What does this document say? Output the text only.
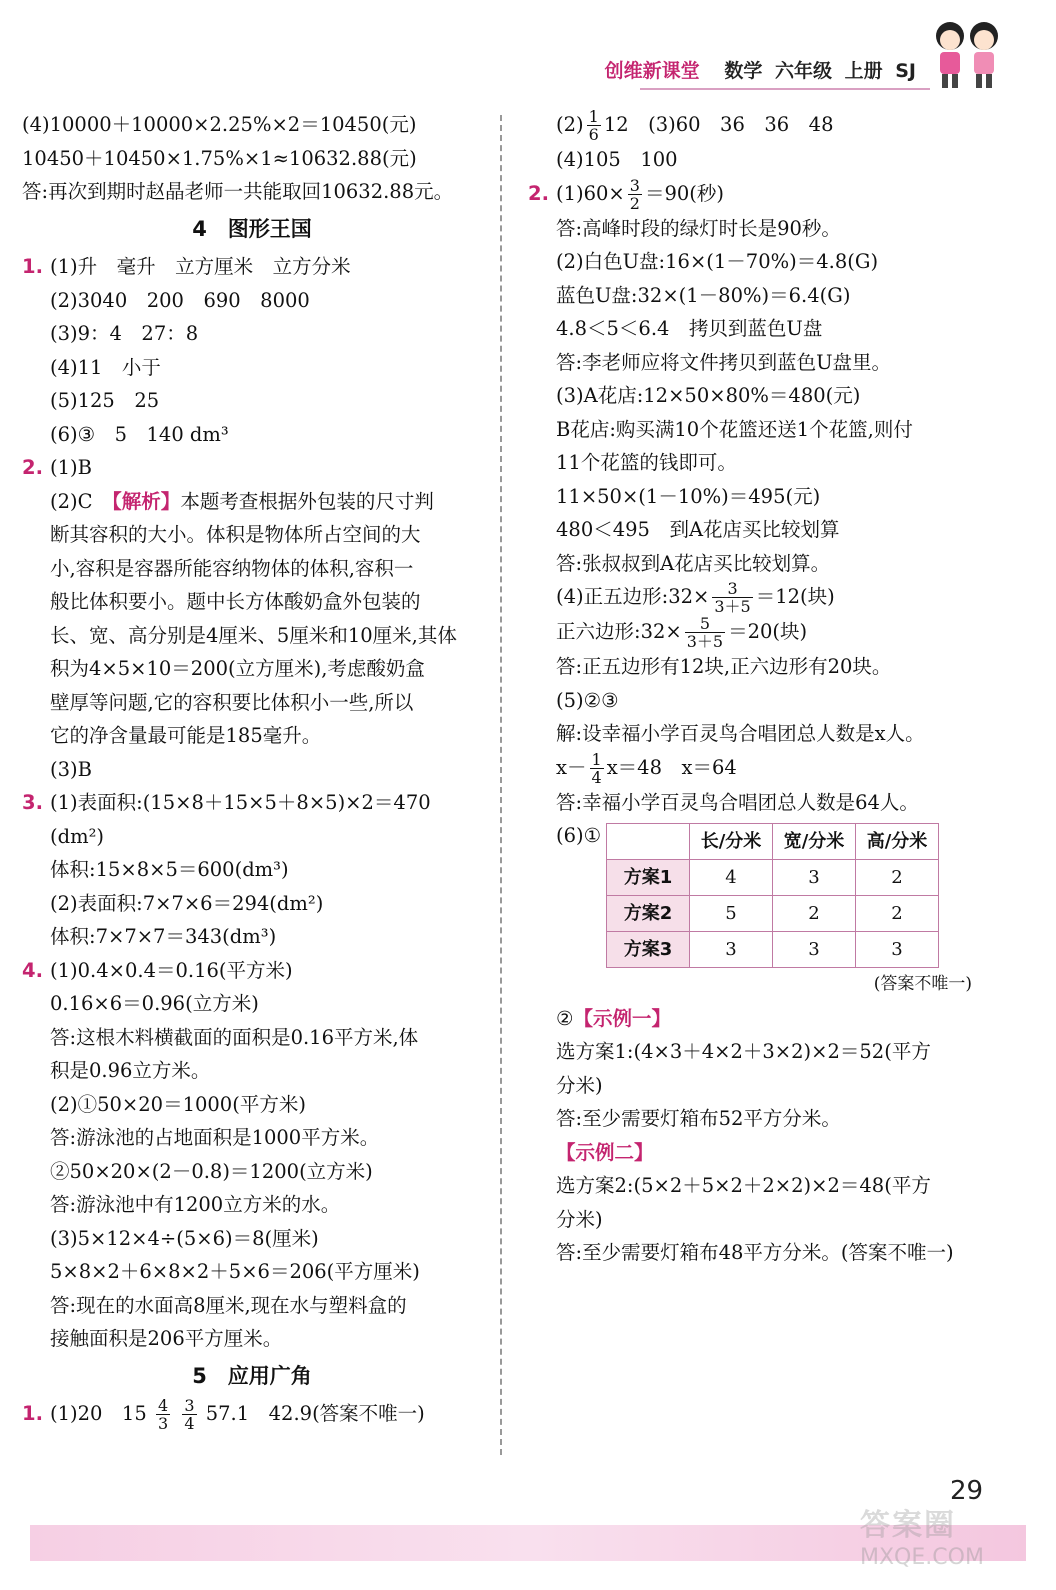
创维新课堂 数学 六年级 上册 SJ
(4)10000＋10000×2.25%×2＝10450(元)
10450＋10450×1.75%×1≈10632.88(元)
答:再次到期时赵晶老师一共能取回10632.88元。
4　图形王国
1. (1)升　毫升　立方厘米　立方分米
(2)3040　200　690　8000
(3)9：4　27：8
(4)11　小于
(5)125　25
(6)③　5　140 dm³
2. (1)B
(2)C　【解析】本题考查根据外包装的尺寸判
断其容积的大小。体积是物体所占空间的大
小,容积是容器所能容纳物体的体积,容积一
般比体积要小。题中长方体酸奶盒外包装的
长、宽、高分别是4厘米、5厘米和10厘米,其体
积为4×5×10＝200(立方厘米),考虑酸奶盒
壁厚等问题,它的容积要比体积小一些,所以
它的净含量最可能是185毫升。
(3)B
3. (1)表面积:(15×8＋15×5＋8×5)×2＝470
(dm²)
体积:15×8×5＝600(dm³)
(2)表面积:7×7×6＝294(dm²)
体积:7×7×7＝343(dm³)
4. (1)0.4×0.4＝0.16(平方米)
0.16×6＝0.96(立方米)
答:这根木料横截面的面积是0.16平方米,体
积是0.96立方米。
(2)①50×20＝1000(平方米)
答:游泳池的占地面积是1000平方米。
②50×20×(2－0.8)＝1200(立方米)
答:游泳池中有1200立方米的水。
(3)5×12×4÷(5×6)＝8(厘米)
5×8×2＋6×8×2＋5×6＝206(平方厘米)
答:现在的水面高8厘米,现在水与塑料盒的
接触面积是206平方厘米。
5　应用广角
1. (1)20　$15 \frac{4}{3}$
$\frac{3}{4} 57.1$　42.9(答案不唯一)
$(2) \frac{1}{6} 12$　(3)60　36　36　48
(4)105　100
2. $(1)60\times \frac{3}{2} =90$(秒)
答:高峰时段的绿灯时长是90秒。
(2)白色U盘:16×(1－70%)＝4.8(G)
蓝色U盘:32×(1－80%)＝6.4(G)
4.8＜5＜6.4　拷贝到蓝色U盘
答:李老师应将文件拷贝到蓝色U盘里。
(3)A花店:12×50×80%＝480(元)
B花店:购买满10个花篮还送1个花篮,则付
11个花篮的钱即可。
11×50×(1－10%)＝495(元)
480＜495　到A花店买比较划算
答:张叔叔到A花店买比较划算。
(4)正五边形:32× $\frac{3}{3+5} =12$(块)
正六边形:32× $\frac{5}{3+5} =20$(块)
答:正五边形有12块,正六边形有20块。
(5)②③
解:设幸福小学百灵鸟合唱团总人数是x人。
$x- \frac{1}{4} x=48$　x＝64
答:幸福小学百灵鸟合唱团总人数是64人。
(6)①
		长/分米	宽/分米	高/分米
方案1	4	3	2
方案2	5	2	2
方案3	3	3	3
(答案不唯一)
②【示例一】
选方案1:(4×3＋4×2＋3×2)×2＝52(平方
分米)
答:至少需要灯箱布52平方分米。
【示例二】
选方案2:(5×2＋5×2＋2×2)×2＝48(平方
分米)
答:至少需要灯箱布48平方分米。(答案不唯一)
29
答案圈
MXQE.COM
